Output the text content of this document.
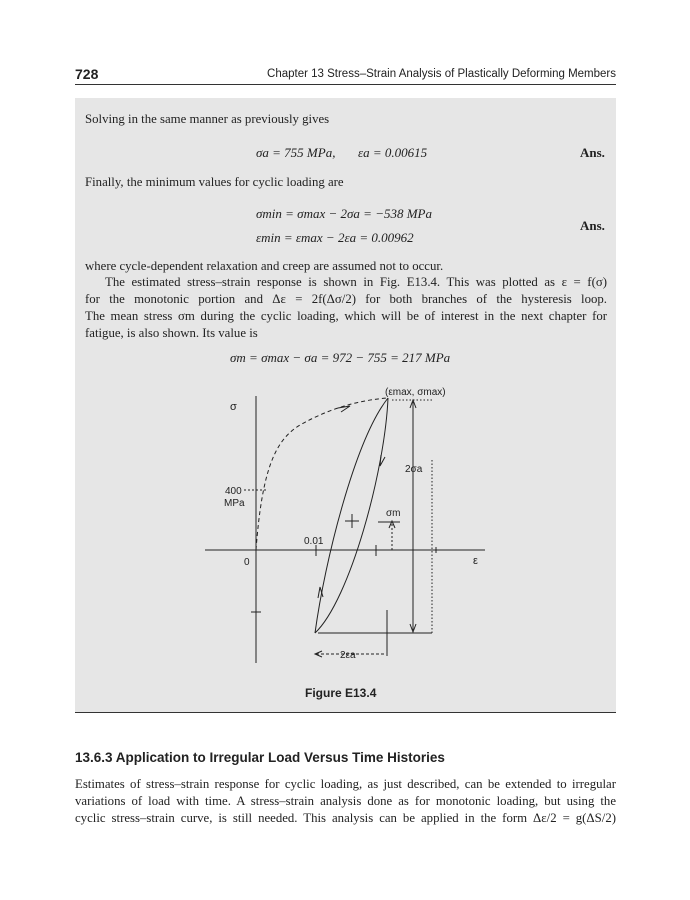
728	Chapter 13 Stress–Strain Analysis of Plastically Deforming Members
Solving in the same manner as previously gives
σa = 755 MPa, εa = 0.00615	Ans.
Finally, the minimum values for cyclic loading are
σmin = σmax − 2σa = −538 MPa
εmin = εmax − 2εa = 0.00962
Ans.
where cycle-dependent relaxation and creep are assumed not to occur.
The estimated stress–strain response is shown in Fig. E13.4. This was plotted as ε = f(σ)
for the monotonic portion and Δε = 2f(Δσ/2) for both branches of the hysteresis loop.
The mean stress σm during the cyclic loading, which will be of interest in the next chapter for
fatigue, is also shown. Its value is
σm = σmax − σa = 972 − 755 = 217 MPa
σ
ε
0
400
MPa
0.01
(εmax, σmax)
2σa
σm
2εa
Figure E13.4
13.6.3 Application to Irregular Load Versus Time Histories
Estimates of stress–strain response for cyclic loading, as just described, can be extended to irregular
variations of load with time. A stress–strain analysis done as for monotonic loading, but using the
cyclic stress–strain curve, is still needed. This analysis can be applied in the form Δε/2 = g(ΔS/2)
